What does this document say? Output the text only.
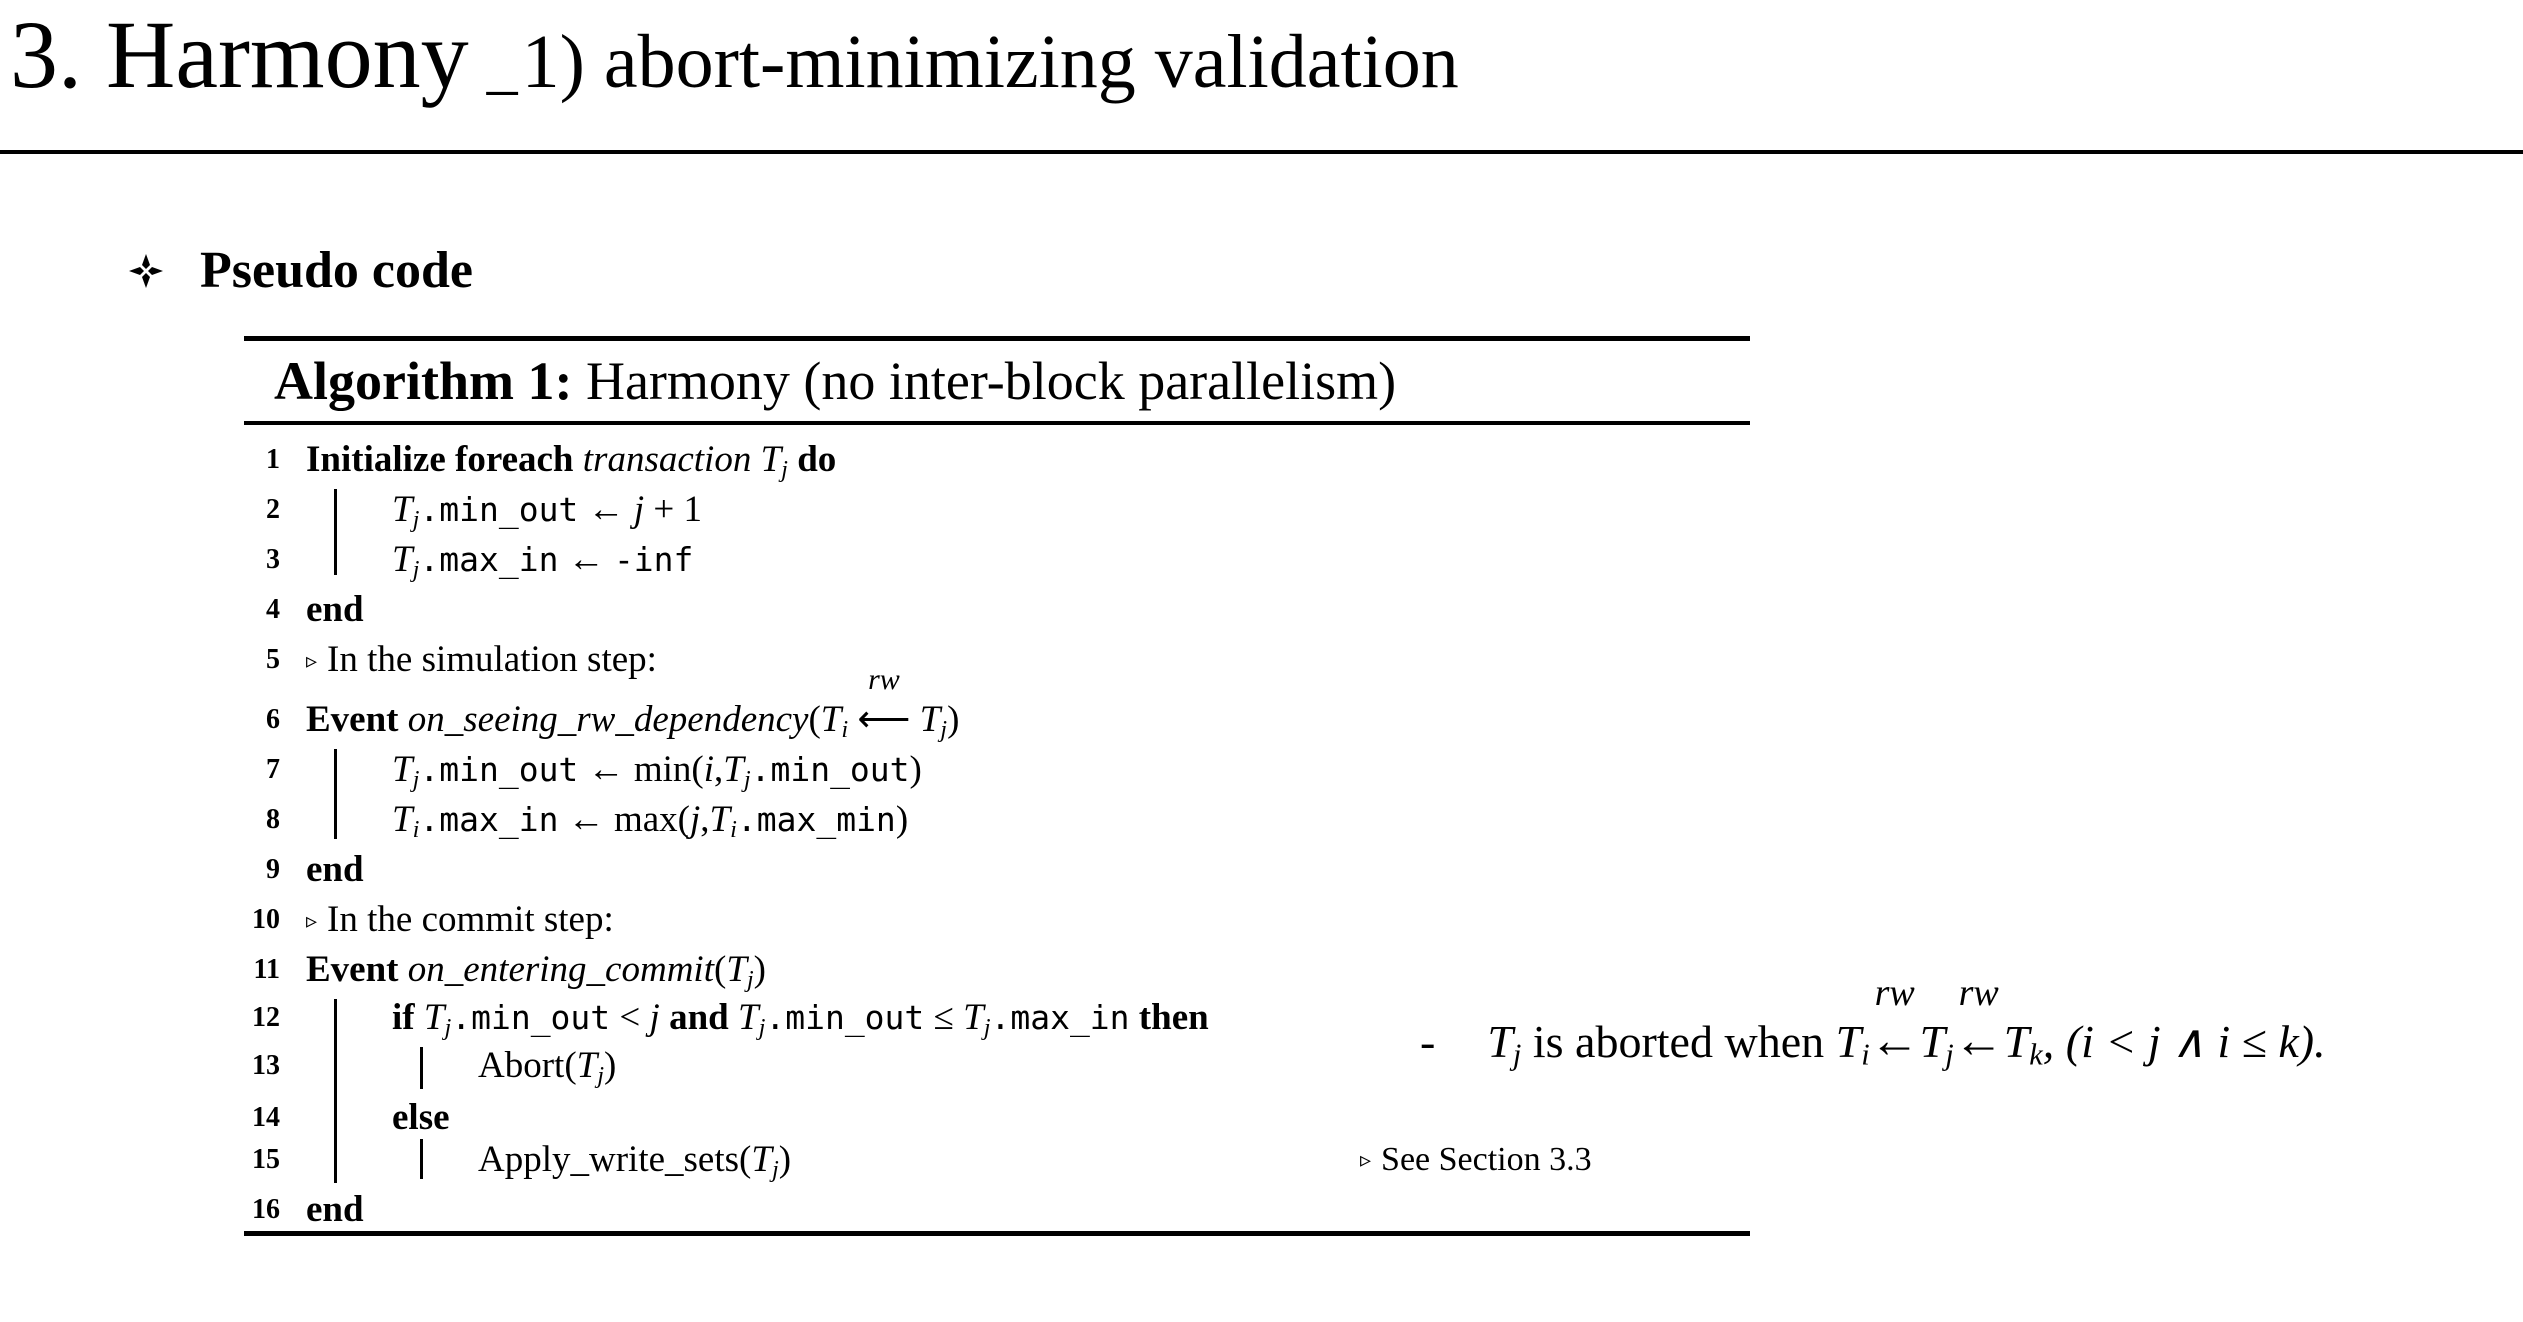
3. Harmony _1) abort-minimizing validation
Pseudo code
Algorithm 1: Harmony (no inter-block parallelism)
1 Initialize foreach transaction $T_j$ do
2	$T_j.\min\_out$ ← j + 1
3	$T_j.\max\_in$ ← -inf
4 end
5 ▹ In the simulation step:
6 Event $on\_seeing\_rw\_dependency(T_i$
rw
⟵ $T_j$)
7	$T_j.\min\_out$ ← $\min(i,T_j.\min\_out)$
8	$T_i.\max\_in$ ← $\max(j,T_i.\max\_\min)$
9 end
10 ▹ In the commit step:
11 Event $on\_entering\_commit(T_j)$
12	if $T_j.\min\_out < j$ and $T_j.\min\_out$ ≤ $T_j.\max\_in$ then
13	$Abort(T_j)$
14	else
15	$Apply\_write\_sets(T_j)$	▹ See Section 3.3
16 end
- $T_j$ is aborted when $T_i$
rw
$\leftarrow T_j$
rw
$\leftarrow T_k$, (i < j ∧ i ≤ k).
